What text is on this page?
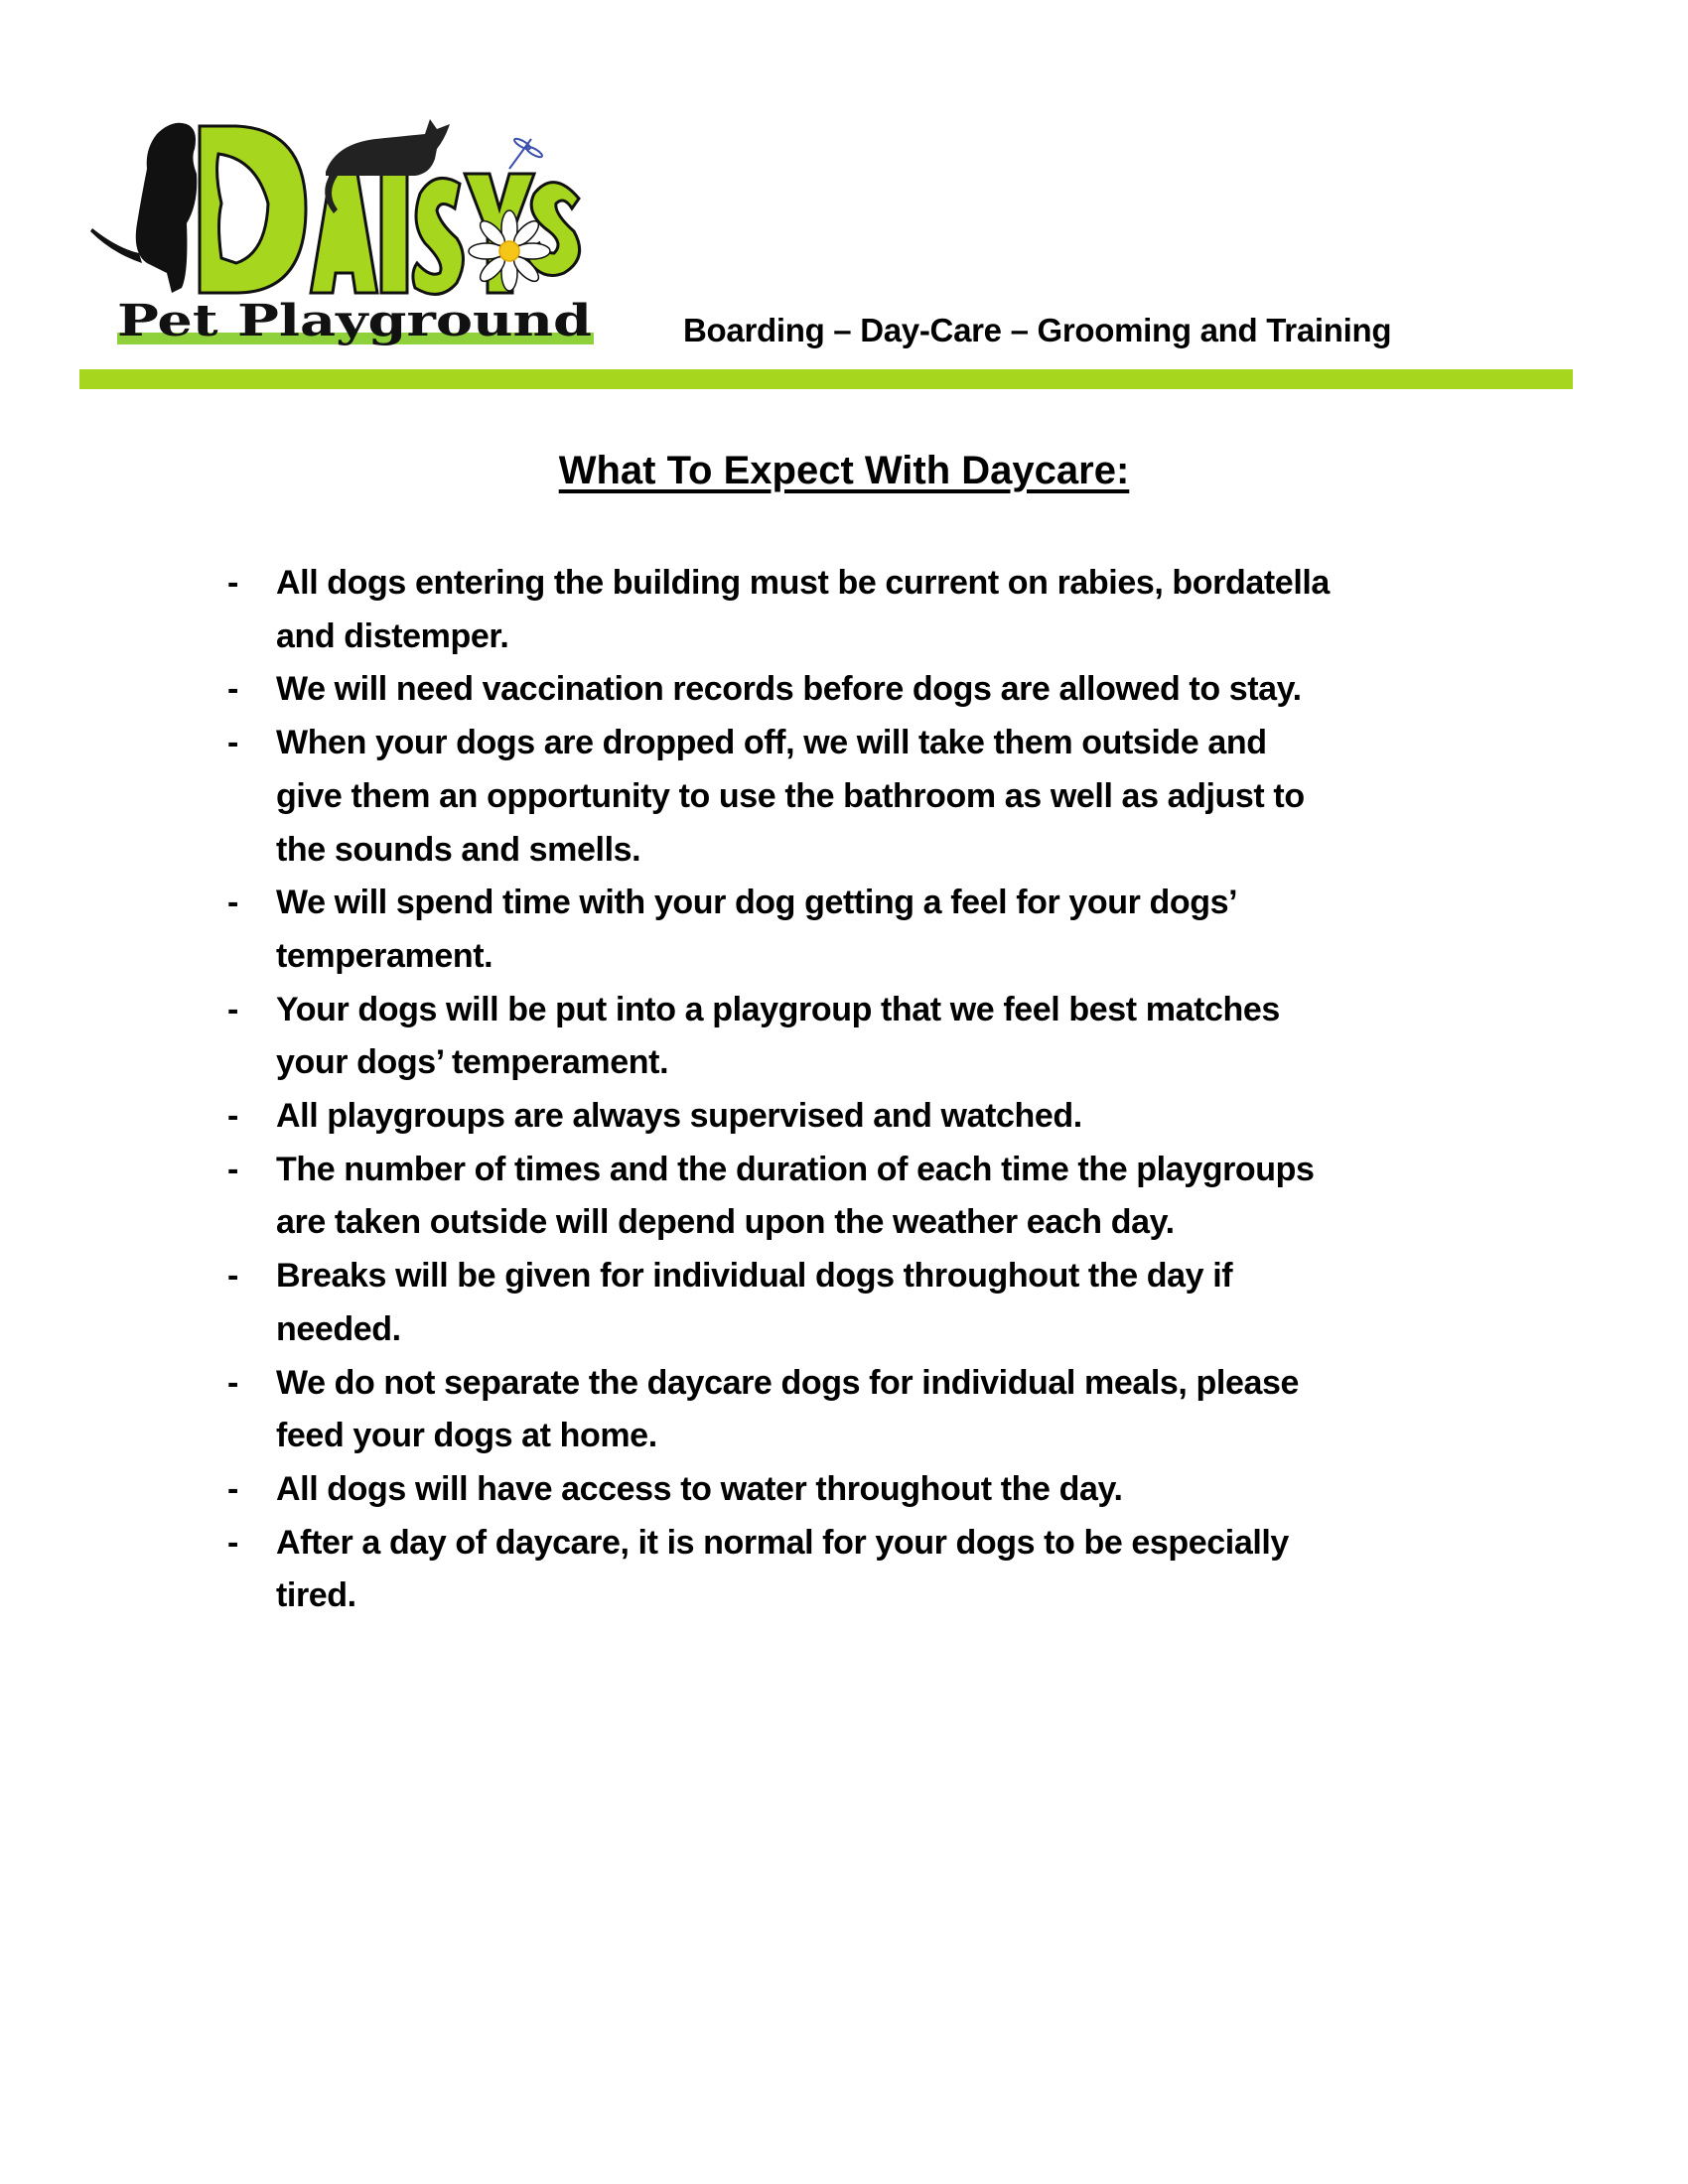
Pet Playground	Boarding – Day-Care – Grooming and Training
What To Expect With Daycare:
- All dogs entering the building must be current on rabies, bordatella
and distemper.
- We will need vaccination records before dogs are allowed to stay.
- When your dogs are dropped off, we will take them outside and
give them an opportunity to use the bathroom as well as adjust to
the sounds and smells.
- We will spend time with your dog getting a feel for your dogs’
temperament.
- Your dogs will be put into a playgroup that we feel best matches
your dogs’ temperament.
- All playgroups are always supervised and watched.
- The number of times and the duration of each time the playgroups
are taken outside will depend upon the weather each day.
- Breaks will be given for individual dogs throughout the day if
needed.
- We do not separate the daycare dogs for individual meals, please
feed your dogs at home.
- All dogs will have access to water throughout the day.
- After a day of daycare, it is normal for your dogs to be especially
tired.
